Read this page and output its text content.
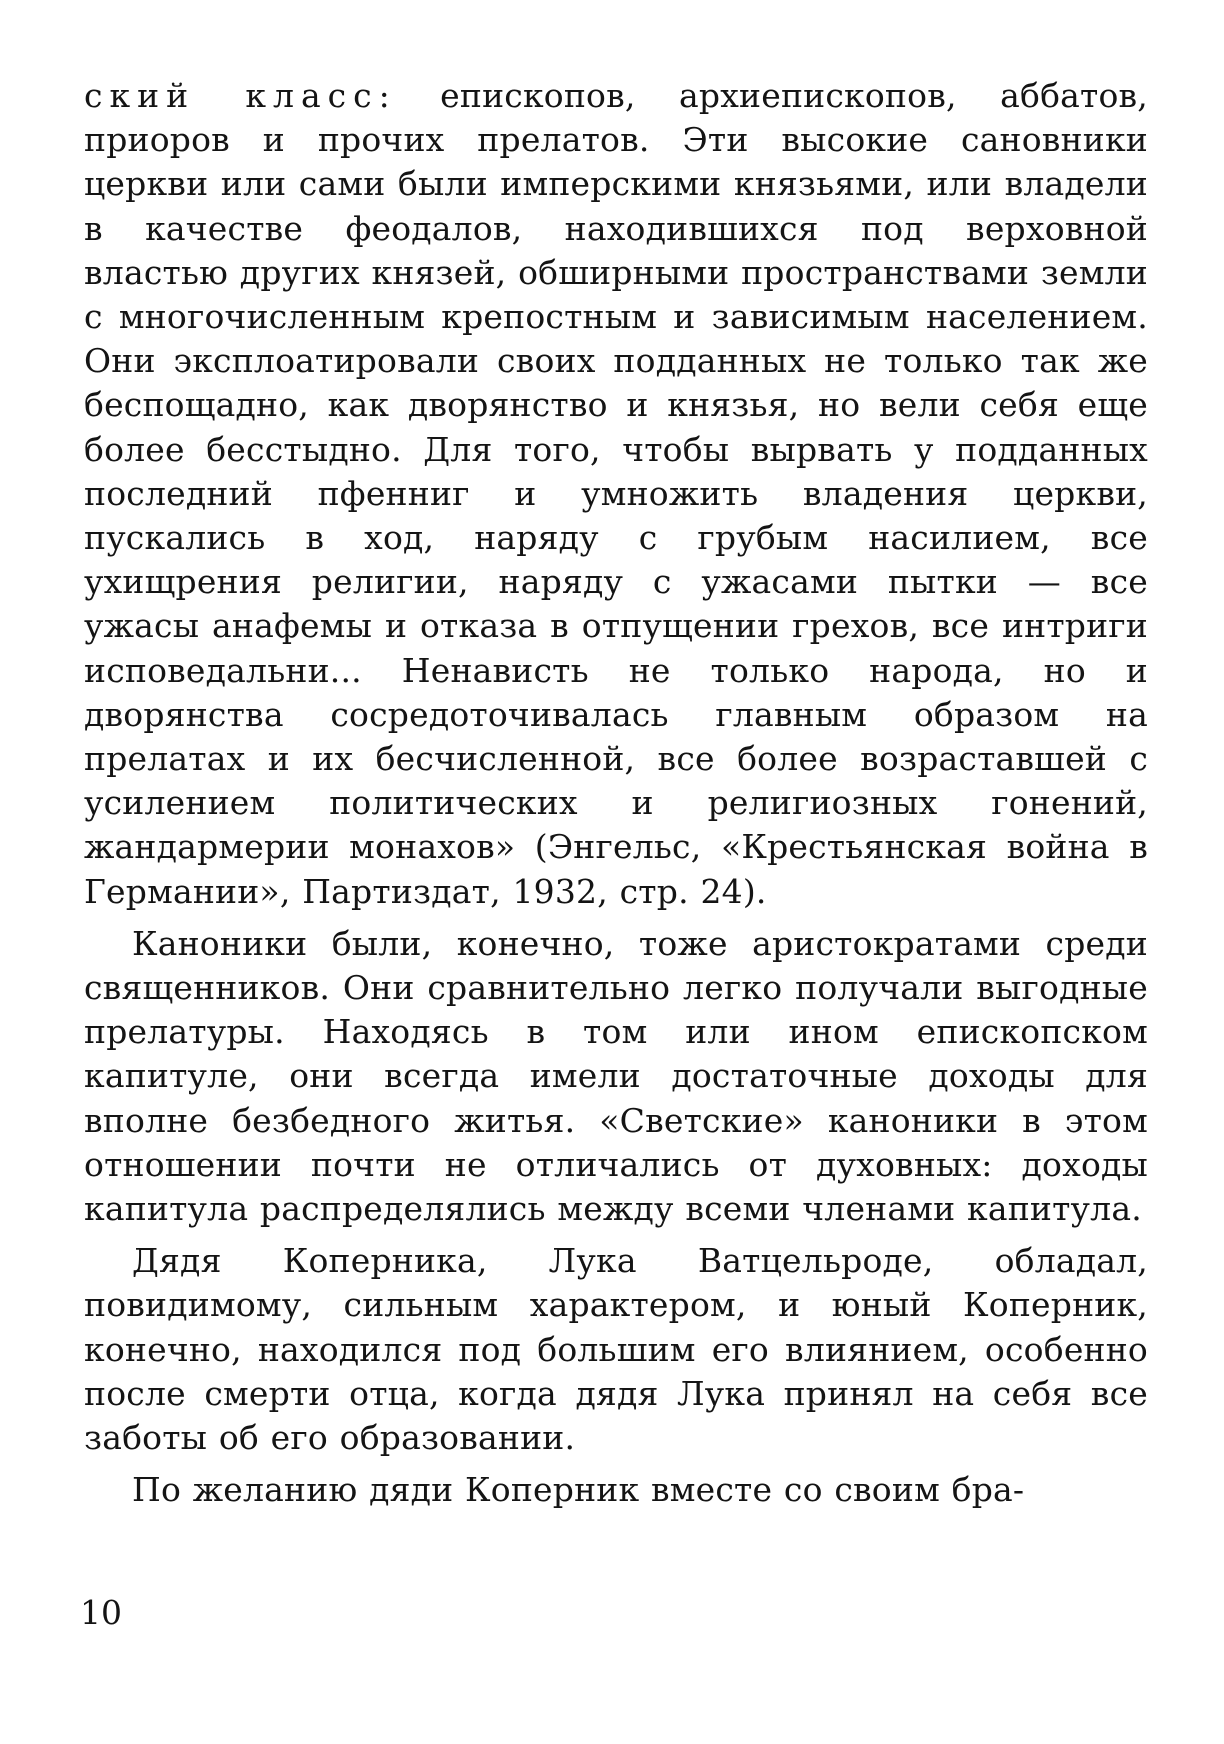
ский класс: епископов, архиепископов, аббатов, приоров и прочих прелатов. Эти высокие сановники церкви или сами были имперскими князьями, или владели в качестве феодалов, находившихся под верховной властью других князей, обширными пространствами земли с многочисленным крепостным и зависимым населением. Они эксплоатировали своих подданных не только так же беспощадно, как дворянство и князья, но вели себя еще более бесстыдно. Для того, чтобы вырвать у подданных последний пфенниг и умножить владения церкви, пускались в ход, наряду с грубым насилием, все ухищрения религии, наряду с ужасами пытки — все ужасы анафемы и отказа в отпущении грехов, все интриги исповедальни... Ненависть не только народа, но и дворянства сосредоточивалась главным образом на прелатах и их бесчисленной, все более возраставшей с усилением политических и религиозных гонений, жандармерии монахов» (Энгельс, «Крестьянская война в Германии», Партиздат, 1932, стр. 24).

Каноники были, конечно, тоже аристократами среди священников. Они сравнительно легко получали выгодные прелатуры. Находясь в том или ином епископском капитуле, они всегда имели достаточные доходы для вполне безбедного житья. «Светские» каноники в этом отношении почти не отличались от духовных: доходы капитула распределялись между всеми членами капитула.

Дядя Коперника, Лука Ватцельроде, обладал, повидимому, сильным характером, и юный Коперник, конечно, находился под большим его влиянием, особенно после смерти отца, когда дядя Лука принял на себя все заботы об его образовании.

По желанию дяди Коперник вместе со своим бра-

10
